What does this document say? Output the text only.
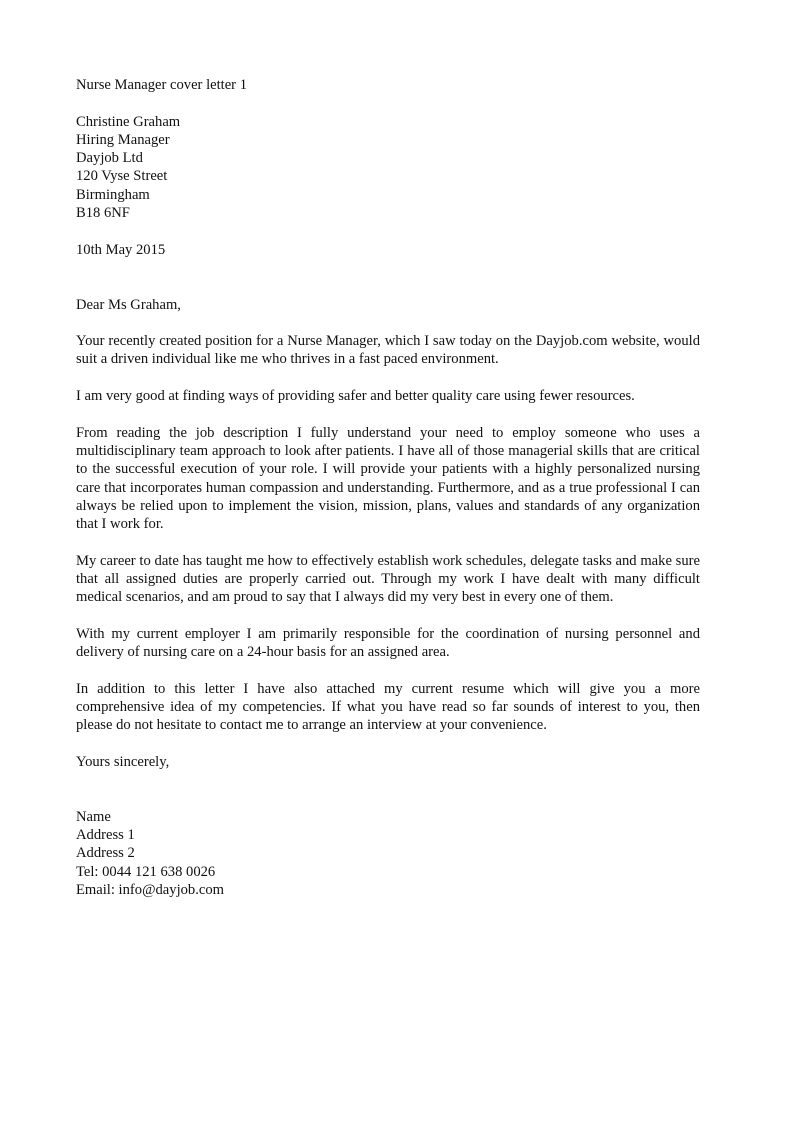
Nurse Manager cover letter 1
Christine Graham
Hiring Manager
Dayjob Ltd
120 Vyse Street
Birmingham
B18 6NF
10th May 2015
Dear Ms Graham,

Your recently created position for a Nurse Manager, which I saw today on the Dayjob.com website, would suit a driven individual like me who thrives in a fast paced environment.

I am very good at finding ways of providing safer and better quality care using fewer resources.

From reading the job description I fully understand your need to employ someone who uses a multidisciplinary team approach to look after patients. I have all of those managerial skills that are critical to the successful execution of your role. I will provide your patients with a highly personalized nursing care that incorporates human compassion and understanding. Furthermore, and as a true professional I can always be relied upon to implement the vision, mission, plans, values and standards of any organization that I work for.

My career to date has taught me how to effectively establish work schedules, delegate tasks and make sure that all assigned duties are properly carried out. Through my work I have dealt with many difficult medical scenarios, and am proud to say that I always did my very best in every one of them.

With my current employer I am primarily responsible for the coordination of nursing personnel and delivery of nursing care on a 24-hour basis for an assigned area.

In addition to this letter I have also attached my current resume which will give you a more comprehensive idea of my competencies. If what you have read so far sounds of interest to you, then please do not hesitate to contact me to arrange an interview at your convenience.

Yours sincerely,
Name
Address 1
Address 2
Tel: 0044 121 638 0026
Email: info@dayjob.com
